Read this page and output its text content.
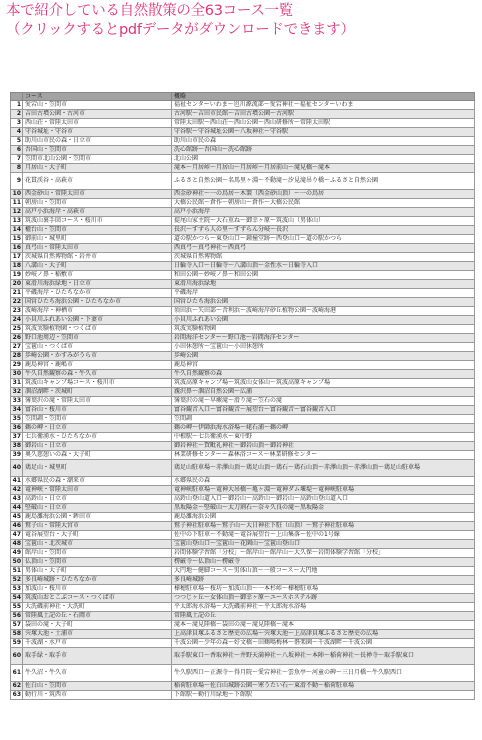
本で紹介している自然散策の全63コース一覧
（クリックするとpdfデータがダウンロードできます）
	コース	概略
1	愛宕山・笠間市	福祉センターいわま〜岜川源流部〜愛宕神社〜福祉センターいわま
2	吉田古墳公園・古河市	古河駅〜吉田市民館〜吉田古墳公園〜古河駅
3	西山荘・常陸太田市	常陸太田駅〜西山荘〜西山公園〜西山研修所〜常陸太田駅
4	守谷城址・守谷市	守谷駅〜守谷城址公園〜八坂神社〜守谷駅
5	助川山市民の森・日立市	助川山市民の森
6	吾国山・笠間市	洗心館跡〜吾国山〜洗心館跡
7	笠間市北山公園・笠間市	北山公園
8	月居山・大子町	滝本〜月居峠〜月居山〜月居峠〜月居前山〜滝見橋〜滝本
9	花貫渓谷・高萩市	ふるさと自然公園〜名馬里ヶ淵〜不動滝〜汐見滝吊り橋〜ふるさと自然公園
10	西金砂山・常陸太田市	西金砂神社〜一の鳥居〜木製（西金砂山頂）〜一の鳥居
11	朝房山・笠間市	大橋公民館〜倉作〜朝房山〜倉作〜大橋公民館
12	高戸小浜海岸・高萩市	高戸小浜海岸
13	筑波山裏手回コース・桜川市	提尾山家主院〜大石重ね〜御幸ヶ原〜筑波山（男体山）
14	權台山・笠間市	長沢〜すずら人の里〜すずらん分岐〜長沢
15	御前山・城里町	道の駅かつら〜東登山口〜鐘撞堂跡〜西登山口〜道の駅かつら
16	真弓山・常陸太田市	西真弓〜真弓神社〜西真弓
17	茨城県自然博物館・岩井市	茨城県自然博物館
18	八溝山・大子町	日輪寺入口〜日輪寺〜八溝山頂〜金性水〜日輪寺入口
19	妙岐ノ鼻・稲敷市	和田公園〜妙岐ノ鼻〜和田公園
20	東滑川海浜緑地・日立市	東滑川海浜緑地
21	平磯海岸・ひたちなか市	平磯海岸
22	国営ひたち海浜公園・ひたちなか市	国営ひたち海浜公園
23	波崎海岸・神栖市	須田浜〜矢田部〜舎利浜〜波崎海岸砂丘植物公園〜波崎海港
24	小貝川ふれあい公園・下妻市	小貝川ふれあい公園
25	筑波実験植物園・つくば市	筑波実験植物園
26	野口池周辺・笠間市	岩間海洋センター〜野口池〜岩間海洋センター
27	宝篋山・つくば市	小田休憩所〜宝篋山〜小田休憩所
28	歩崎公園・かすみがうら市	歩崎公園
29	鹿島神宮・鹿嶋市	鹿島神宮
30	牛久自然観察の森・牛久市	牛久自然観察の森
31	筑波山キャンプ場コース・桜川市	筑波高原キャンプ場〜筑波山女体山〜筑波高原キャンプ場
32	涸沼湖畔・茨城町	親沢鼻〜涸沼自然公園〜広浦
33	簿葉沢の滝・常陸太田市	簿葉沢の滝〜早蕨滝〜滑り滝〜笠石の滝
34	富谷山・桜川市	富谷観音入口〜富谷観音〜展望台〜富谷観音〜富谷観音入口
35	笠間調・笠間市	笠間調
36	鵜の岬・日立市	鵜の岬〜伊師浜海水浴場〜姥石浦〜鵜の岬
37	七兵衛湧水・ひたちなか市	中根駅〜七兵衛湧水〜東中野
38	御岩山・日立市	御岩神社〜賀毗礼神社〜御岩山頂〜御岩神社
39	奥久慈憩いの森・大子町	林業研修センター〜森林浴コース〜林業研修センター
40	鶏足山・城里町	鶏足山駐車場〜赤澤山頂〜鶏足山頂〜鶏石〜鶏石山頂〜赤澤山頂〜赤澤山頂〜鶏足山駐車場
41	水郷県民の森・潮来市	水郷県民の森
42	竜神峡・常陸太田市	竜神峡駐車場〜竜神大吊橋〜亀ヶ淵〜竜神ダム堰堤〜竜神峡駐車場
43	高鈴山・日立市	高鈴山登山道入口〜御岩山〜高鈴山〜御岩山〜高鈴山登山道入口
44	堅破山・日立市	黒坂陽金〜堅破山〜太刀割石〜奈々久良の滝〜黒坂陽金
45	鹿島灘海浜公園・鉾田市	鹿島灘海浜公園
46	鷲子山・常陸大宮市	鷲子神社駐車場〜鷲子山〜大日神社下駐（山頂）〜鷲子神社駐車場
47	竜谷展望台・大子町	佐中の下駐車〜不動滝〜竜谷展望台〜上山集落〜佐中の1号線
48	宝篋山・北茨城市	宝篋山登山口〜宝篋山〜花園山〜宝篋山登山口
49	館岸山・笠間市	岩間体験学習館「分校」〜館岸山〜館岸山〜大久保〜岩間体験学習館「分校」
50	仏頂山・笠間市	楞厳寺〜仏頂山〜楞厳寺
51	男体山・大子町	大円地〜健脚コース〜男体山頂〜一般コース〜大円地
52	多良崎城跡・ひたちなか市	多良崎城跡
53	加波山・桜川市	樺穂駐車場〜桜坊〜加波山頂〜一本杉峠〜樺穂駐車場
54	筑波山おとこぶコース・つくば市	つつじヶ丘〜女体山頂〜御幸ヶ原〜ユースホステル跡
55	大洗磯前神社・大洗町	平太郎海水浴場〜大洗磯前神社〜平太郎海水浴場
56	常陸風土記の丘・石岡市	常陸風土記の丘
57	袋田の滝・大子町	滝本〜滝見陸橋〜袋田の滝〜滝見陸橋〜滝本
58	宍塚大池・土浦市	上高津貝塚ふるさと歴史の広場〜宍塚大池〜上高津貝塚ふるさと歴史の広場
59	千波湖・水戸市	千波公園〜少年の森〜好文橋〜田鶴鳴梅林〜偕楽園〜千波湖畔〜千波公園
60	取手緑・取手市	取手駅東口〜香取神社〜井野天満神社〜八坂神社〜本陣〜稲荷神社〜長禅寺〜取手駅東口
61	牛久沼・牛久市	牛久駅西口〜正源寺〜得月院〜愛宕神社〜雲魚亭〜河童の碑〜三日月橋〜牛久駅西口
62	佐白山・笠間市	稲荷駐車場〜佐白山城跡公園〜寒うたい石〜東滑不動〜稲荷駐車場
63	動行川・筑西市	下館駅〜勤行川緑地〜下館駅
